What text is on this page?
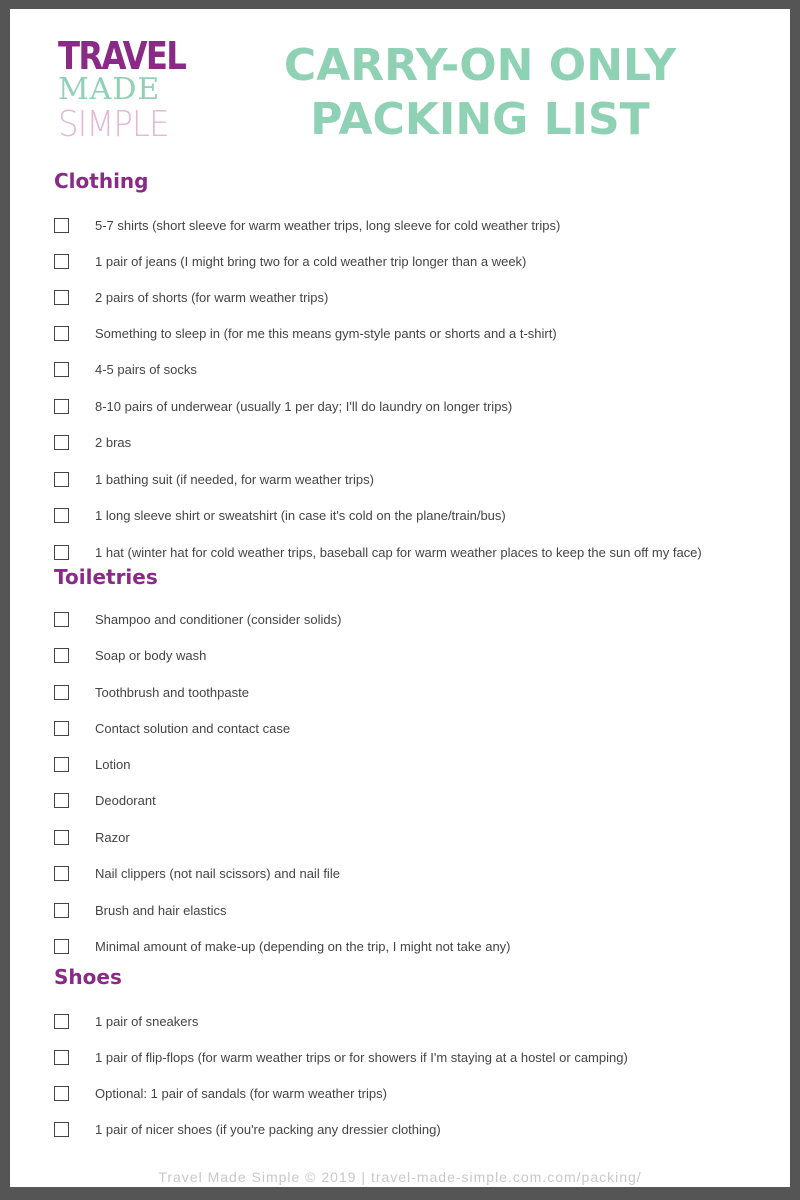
TRAVEL
MADE
SIMPLE
CARRY-ON ONLY
PACKING LIST
Clothing
5-7 shirts (short sleeve for warm weather trips, long sleeve for cold weather trips)
1 pair of jeans (I might bring two for a cold weather trip longer than a week)
2 pairs of shorts (for warm weather trips)
Something to sleep in (for me this means gym-style pants or shorts and a t-shirt)
4-5 pairs of socks
8-10 pairs of underwear (usually 1 per day; I'll do laundry on longer trips)
2 bras
1 bathing suit (if needed, for warm weather trips)
1 long sleeve shirt or sweatshirt (in case it's cold on the plane/train/bus)
1 hat (winter hat for cold weather trips, baseball cap for warm weather places to keep the sun off my face)
Toiletries
Shampoo and conditioner (consider solids)
Soap or body wash
Toothbrush and toothpaste
Contact solution and contact case
Lotion
Deodorant
Razor
Nail clippers (not nail scissors) and nail file
Brush and hair elastics
Minimal amount of make-up (depending on the trip, I might not take any)
Shoes
1 pair of sneakers
1 pair of flip-flops (for warm weather trips or for showers if I'm staying at a hostel or camping)
Optional: 1 pair of sandals (for warm weather trips)
1 pair of nicer shoes (if you're packing any dressier clothing)
Travel Made Simple © 2019 | travel-made-simple.com.com/packing/
